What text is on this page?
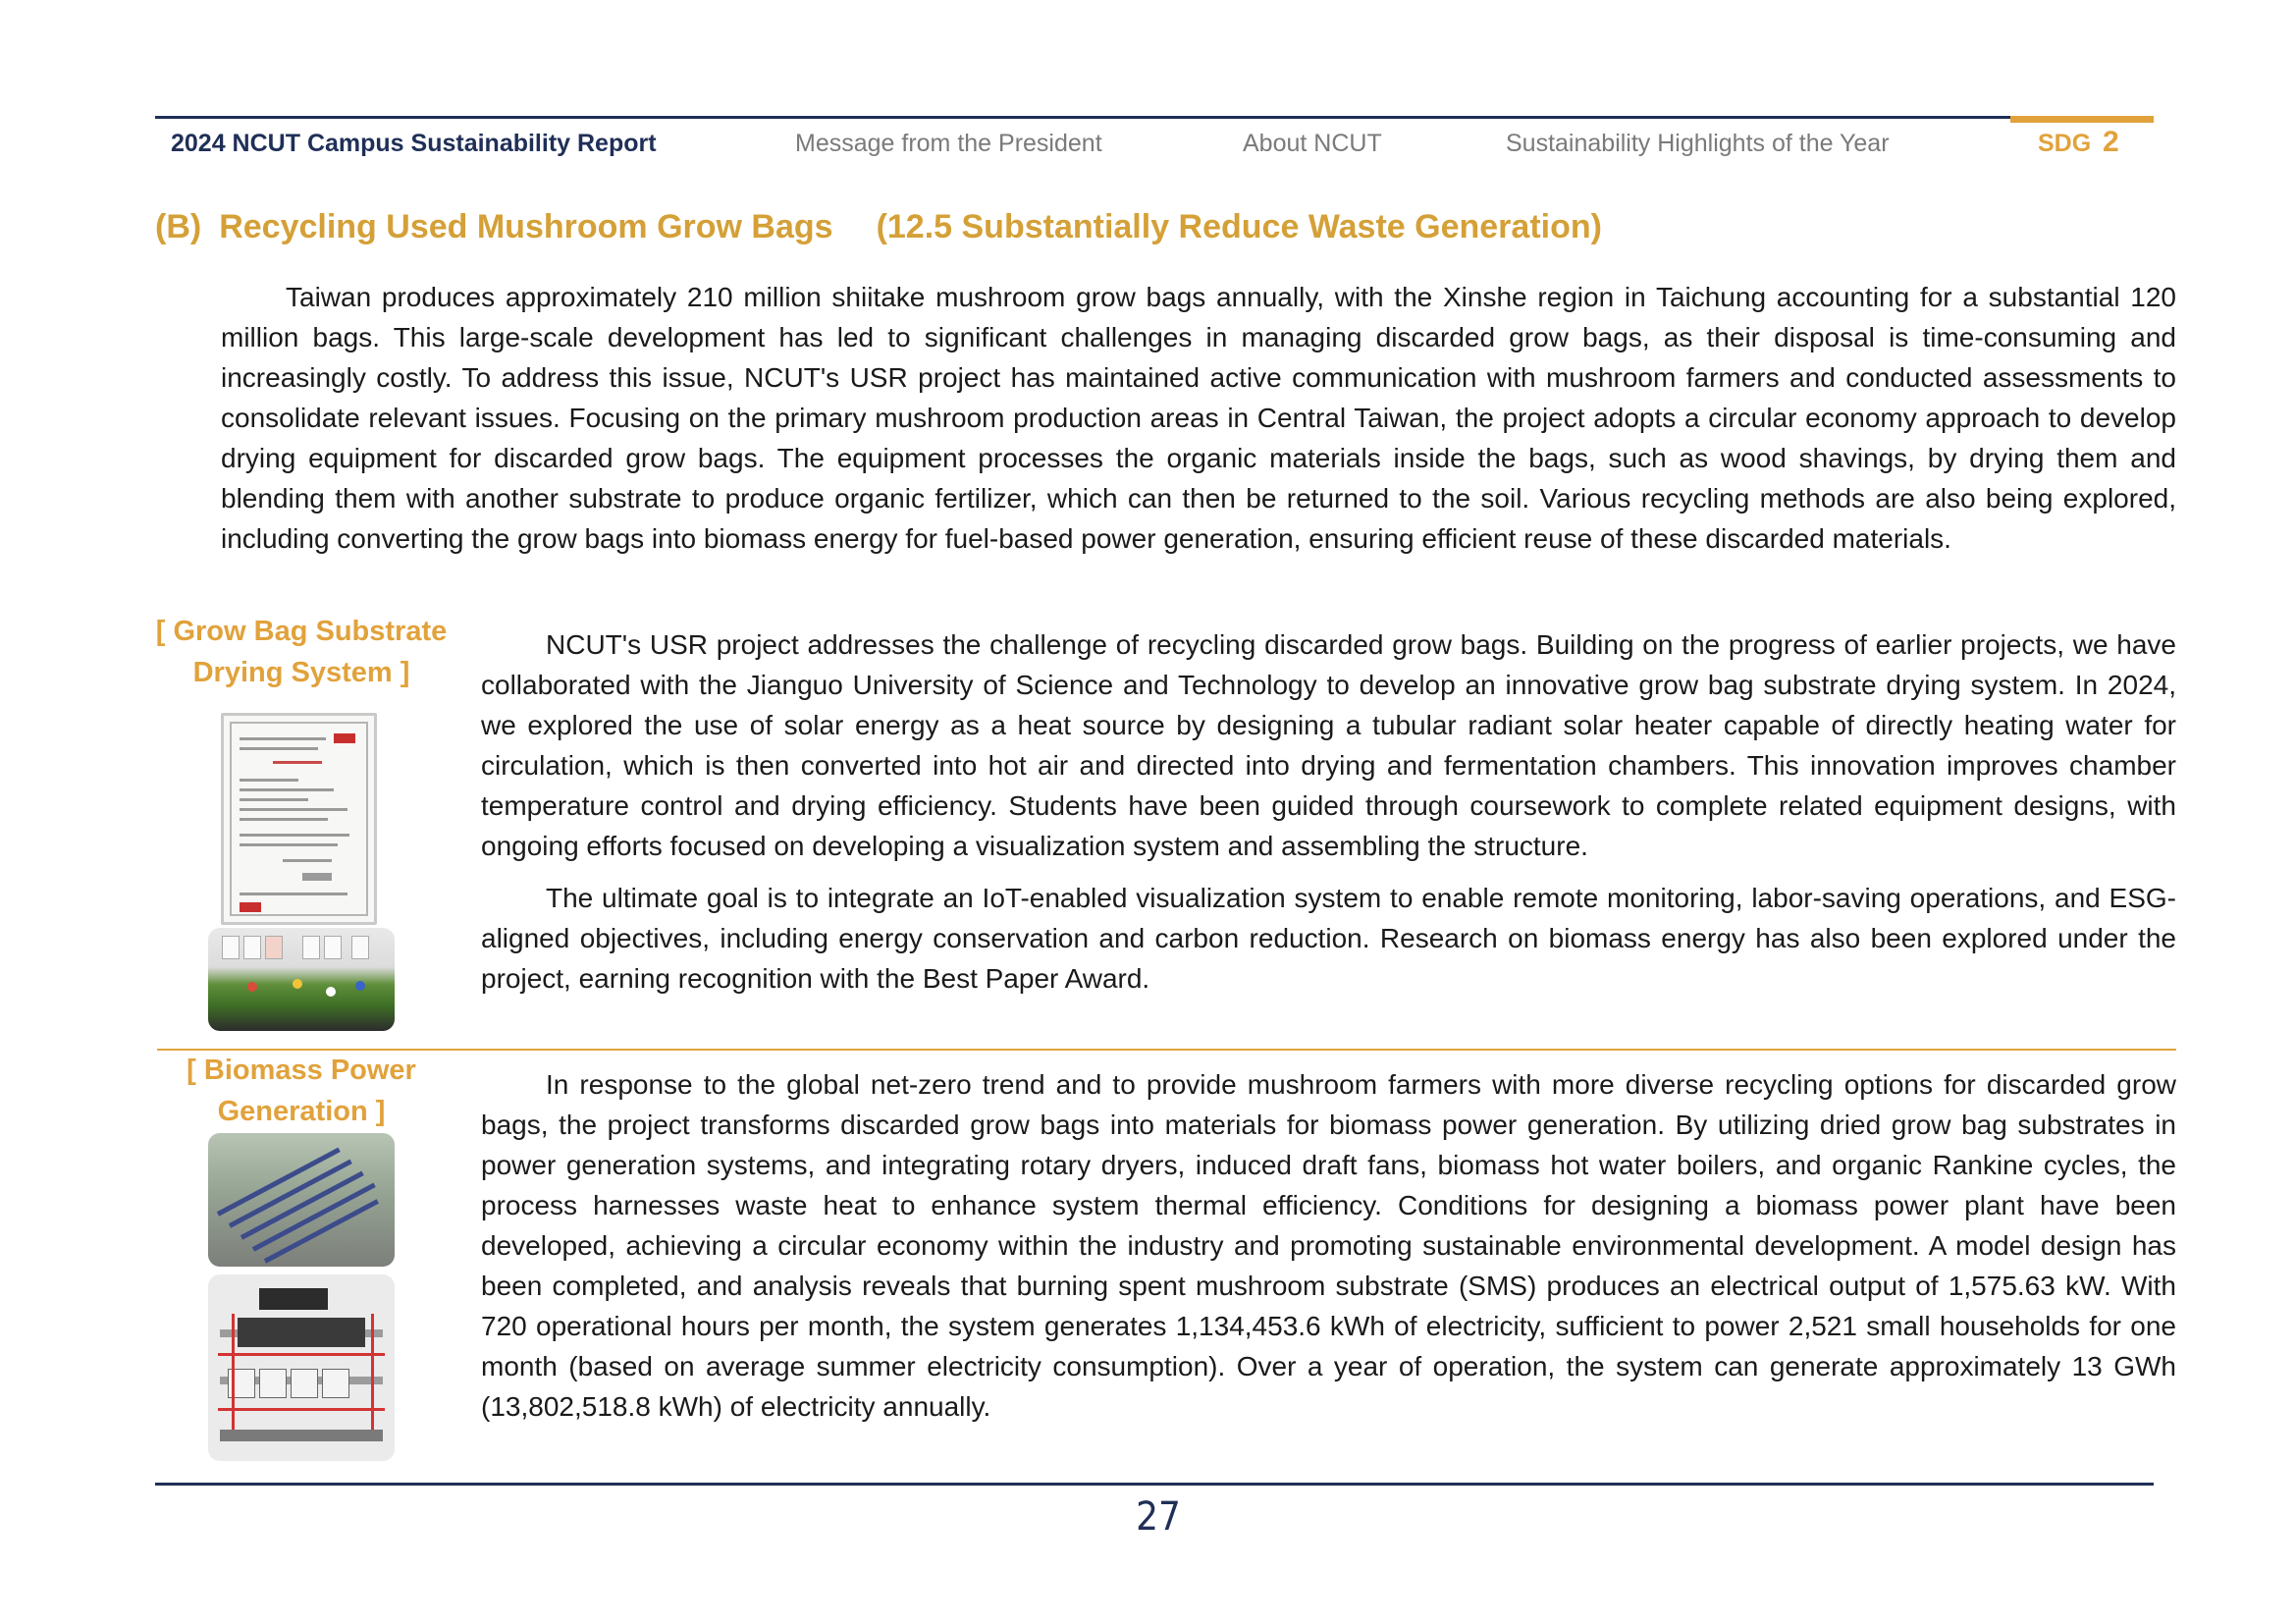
2024 NCUT Campus Sustainability Report	Message from the President	About NCUT	Sustainability Highlights of the Year	SDG 2
(B) Recycling Used Mushroom Grow Bags (12.5 Substantially Reduce Waste Generation)

Taiwan produces approximately 210 million shiitake mushroom grow bags annually, with the Xinshe region in Taichung accounting for a substantial 120 million bags. This large-scale development has led to significant challenges in managing discarded grow bags, as their disposal is time-consuming and increasingly costly. To address this issue, NCUT's USR project has maintained active communication with mushroom farmers and conducted assessments to consolidate relevant issues. Focusing on the primary mushroom production areas in Central Taiwan, the project adopts a circular economy approach to develop drying equipment for discarded grow bags. The equipment processes the organic materials inside the bags, such as wood shavings, by drying them and blending them with another substrate to produce organic fertilizer, which can then be returned to the soil. Various recycling methods are also being explored, including converting the grow bags into biomass energy for fuel-based power generation, ensuring efficient reuse of these discarded materials.

[ Grow Bag Substrate
Drying System ]

NCUT's USR project addresses the challenge of recycling discarded grow bags. Building on the progress of earlier projects, we have collaborated with the Jianguo University of Science and Technology to develop an innovative grow bag substrate drying system. In 2024, we explored the use of solar energy as a heat source by designing a tubular radiant solar heater capable of directly heating water for circulation, which is then converted into hot air and directed into drying and fermentation chambers. This innovation improves chamber temperature control and drying efficiency. Students have been guided through coursework to complete related equipment designs, with ongoing efforts focused on developing a visualization system and assembling the structure.

The ultimate goal is to integrate an IoT-enabled visualization system to enable remote monitoring, labor-saving operations, and ESG-aligned objectives, including energy conservation and carbon reduction. Research on biomass energy has also been explored under the project, earning recognition with the Best Paper Award.

[ Biomass Power
Generation ]

In response to the global net-zero trend and to provide mushroom farmers with more diverse recycling options for discarded grow bags, the project transforms discarded grow bags into materials for biomass power generation. By utilizing dried grow bag substrates in power generation systems, and integrating rotary dryers, induced draft fans, biomass hot water boilers, and organic Rankine cycles, the process harnesses waste heat to enhance system thermal efficiency. Conditions for designing a biomass power plant have been developed, achieving a circular economy within the industry and promoting sustainable environmental development. A model design has been completed, and analysis reveals that burning spent mushroom substrate (SMS) produces an electrical output of 1,575.63 kW. With 720 operational hours per month, the system generates 1,134,453.6 kWh of electricity, sufficient to power 2,521 small households for one month (based on average summer electricity consumption). Over a year of operation, the system can generate approximately 13 GWh (13,802,518.8 kWh) of electricity annually.

27
